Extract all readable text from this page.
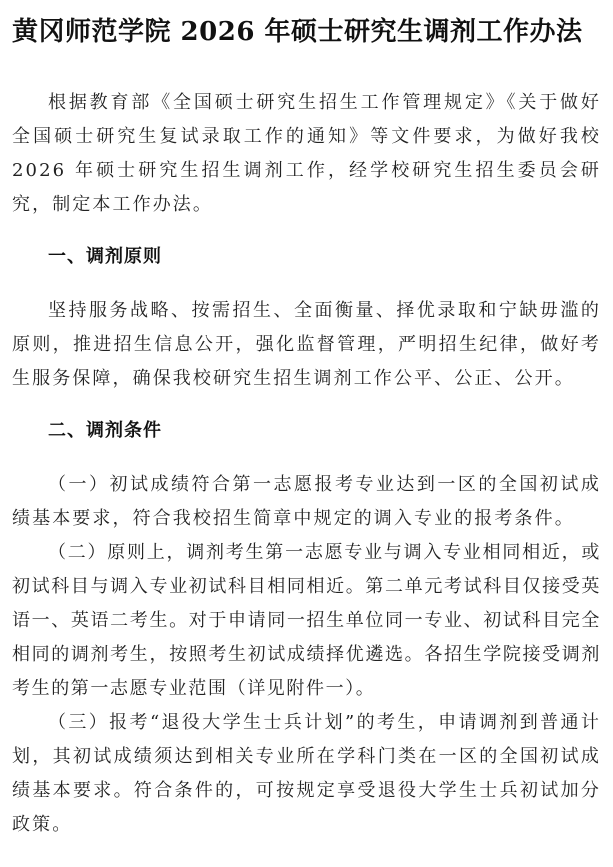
黄冈师范学院 2026 年硕士研究生调剂工作办法

根据教育部《全国硕士研究生招生工作管理规定》《关于做好全国硕士研究生复试录取工作的通知》等文件要求，为做好我校 2026 年硕士研究生招生调剂工作，经学校研究生招生委员会研究，制定本工作办法。

一、调剂原则

坚持服务战略、按需招生、全面衡量、择优录取和宁缺毋滥的原则，推进招生信息公开，强化监督管理，严明招生纪律，做好考生服务保障，确保我校研究生招生调剂工作公平、公正、公开。

二、调剂条件

（一）初试成绩符合第一志愿报考专业达到一区的全国初试成绩基本要求，符合我校招生简章中规定的调入专业的报考条件。

（二）原则上，调剂考生第一志愿专业与调入专业相同相近，或初试科目与调入专业初试科目相同相近。第二单元考试科目仅接受英语一、英语二考生。对于申请同一招生单位同一专业、初试科目完全相同的调剂考生，按照考生初试成绩择优遴选。各招生学院接受调剂考生的第一志愿专业范围（详见附件一）。

（三）报考“退役大学生士兵计划”的考生，申请调剂到普通计划，其初试成绩须达到相关专业所在学科门类在一区的全国初试成绩基本要求。符合条件的，可按规定享受退役大学生士兵初试加分政策。
